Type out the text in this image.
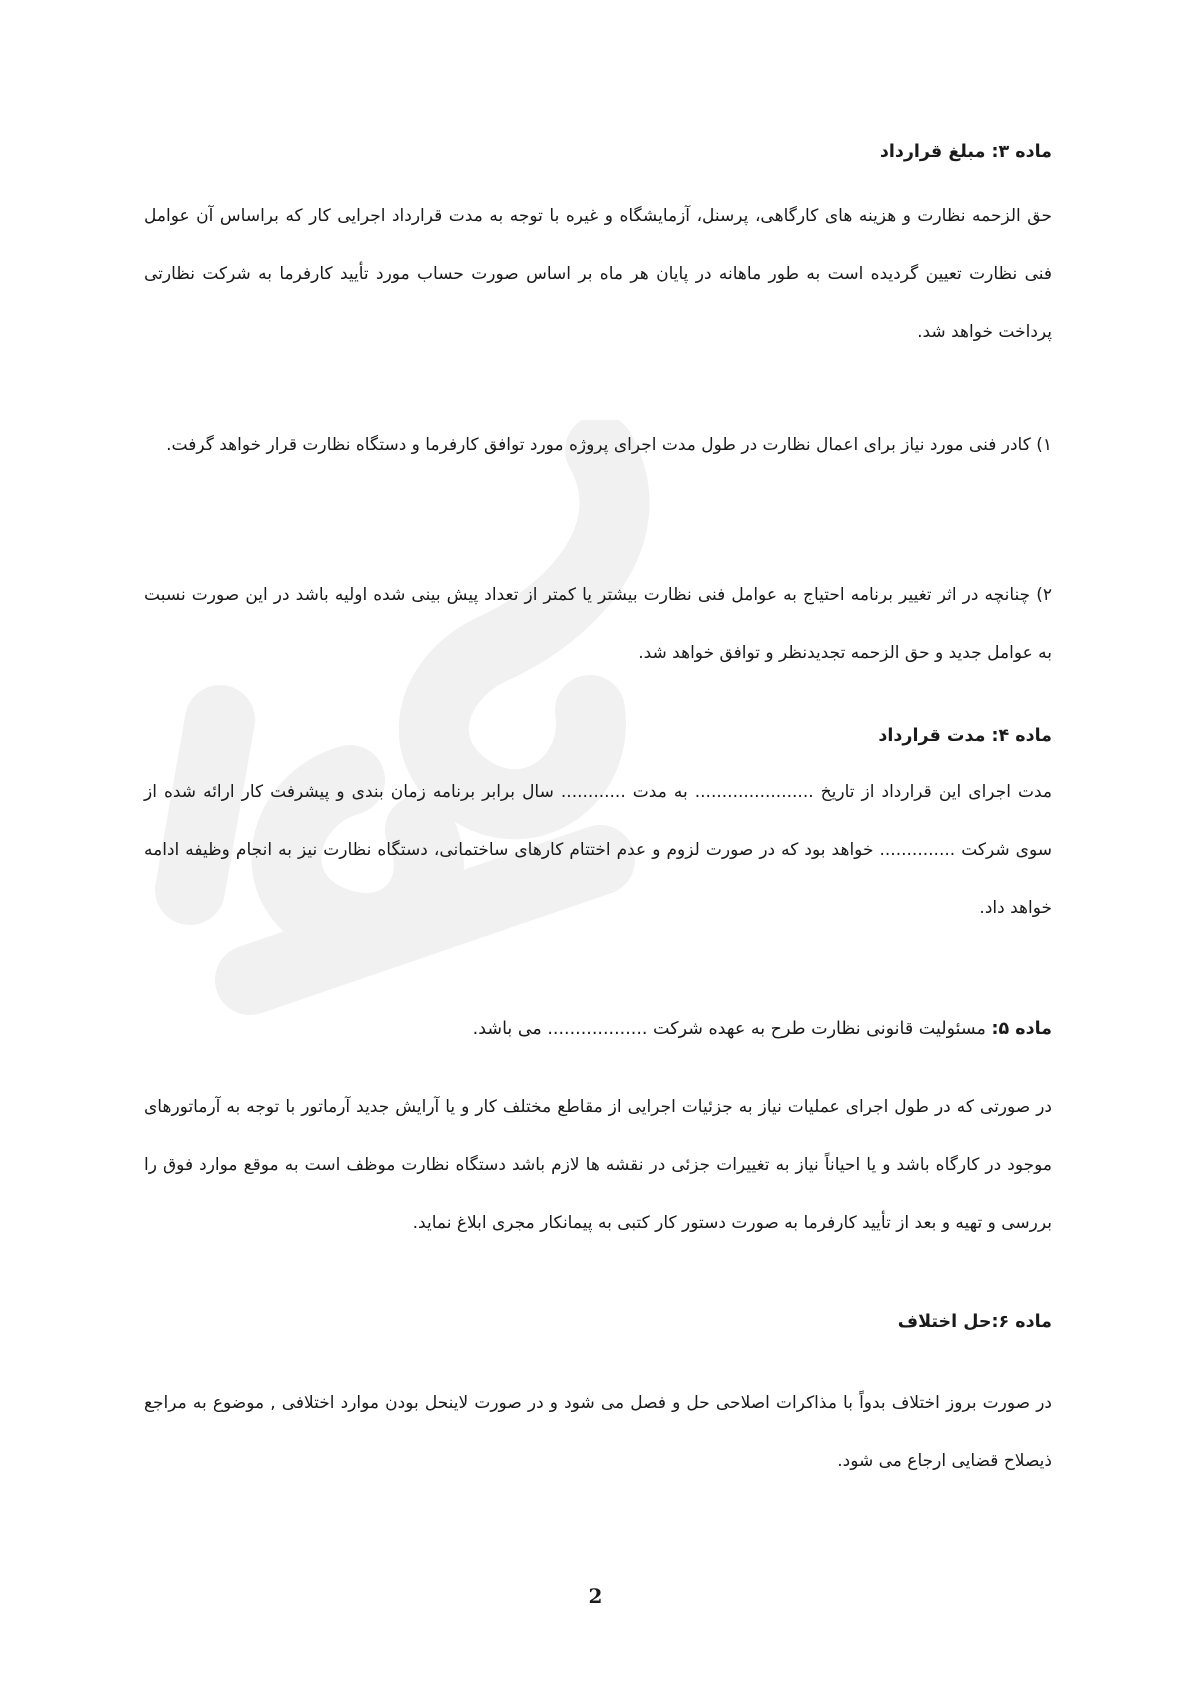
ماده ۳: مبلغ قرارداد

حق الزحمه نظارت و هزینه های کارگاهی، پرسنل، آزمایشگاه و غیره با توجه به مدت قرارداد اجرایی کار که براساس آن عوامل فنی نظارت تعیین گردیده است به طور ماهانه در پایان هر ماه بر اساس صورت حساب مورد تأیید کارفرما به شرکت نظارتی پرداخت خواهد شد.

۱) کادر فنی مورد نیاز برای اعمال نظارت در طول مدت اجرای پروژه مورد توافق کارفرما و دستگاه نظارت قرار خواهد گرفت.

۲) چنانچه در اثر تغییر برنامه احتیاج به عوامل فنی نظارت بیشتر یا کمتر از تعداد پیش بینی شده اولیه باشد در این صورت نسبت به عوامل جدید و حق الزحمه تجدیدنظر و توافق خواهد شد.

ماده ۴: مدت قرارداد

مدت اجرای این قرارداد از تاریخ ...................... به مدت ............ سال برابر برنامه زمان بندی و پیشرفت کار ارائه شده از سوی شرکت .............. خواهد بود که در صورت لزوم و عدم اختتام کارهای ساختمانی، دستگاه نظارت نیز به انجام وظیفه ادامه خواهد داد.

ماده ۵: مسئولیت قانونی نظارت طرح به عهده شرکت .................. می باشد.

در صورتی که در طول اجرای عملیات نیاز به جزئیات اجرایی از مقاطع مختلف کار و یا آرایش جدید آرماتور با توجه به آرماتورهای موجود در کارگاه باشد و یا احیاناً نیاز به تغییرات جزئی در نقشه ها لازم باشد دستگاه نظارت موظف است به موقع موارد فوق را بررسی و تهیه و بعد از تأیید کارفرما به صورت دستور کار کتبی به پیمانکار مجری ابلاغ نماید.

ماده ۶:حل اختلاف

در صورت بروز اختلاف بدواً با مذاکرات اصلاحی حل و فصل می شود و در صورت لاینحل بودن موارد اختلافی , موضوع به مراجع ذیصلاح قضایی ارجاع می شود.

2
